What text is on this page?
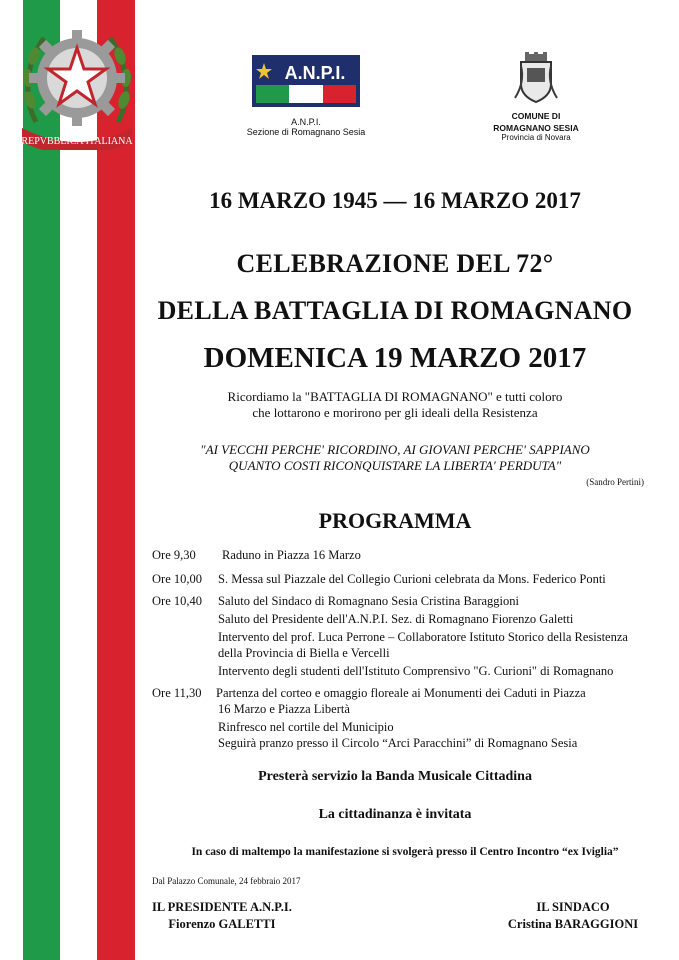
REPVBBLICA ITALIANA
A.N.P.I.
A.N.P.I.
Sezione di Romagnano Sesia
COMUNE DI
ROMAGNANO SESIA
Provincia di Novara
16 MARZO 1945 — 16 MARZO 2017
CELEBRAZIONE DEL 72°
DELLA BATTAGLIA DI ROMAGNANO
DOMENICA 19 MARZO 2017
Ricordiamo la "BATTAGLIA DI ROMAGNANO" e tutti coloro
che lottarono e morirono per gli ideali della Resistenza
"AI VECCHI PERCHE' RICORDINO, AI GIOVANI PERCHE' SAPPIANO
QUANTO COSTI RICONQUISTARE LA LIBERTA' PERDUTA"
(Sandro Pertini)
PROGRAMMA
Ore 9,30 Raduno in Piazza 16 Marzo
Ore 10,00 S. Messa sul Piazzale del Collegio Curioni celebrata da Mons. Federico Ponti
Ore 10,40 Saluto del Sindaco di Romagnano Sesia Cristina Baraggioni
Saluto del Presidente dell'A.N.P.I. Sez. di Romagnano Fiorenzo Galetti
Intervento del prof. Luca Perrone – Collaboratore Istituto Storico della Resistenza
della Provincia di Biella e Vercelli
Intervento degli studenti dell'Istituto Comprensivo "G. Curioni" di Romagnano
Ore 11,30 Partenza del corteo e omaggio floreale ai Monumenti dei Caduti in Piazza
16 Marzo e Piazza Libertà
Rinfresco nel cortile del Municipio
Seguirà pranzo presso il Circolo “Arci Paracchini” di Romagnano Sesia
Presterà servizio la Banda Musicale Cittadina
La cittadinanza è invitata
In caso di maltempo la manifestazione si svolgerà presso il Centro Incontro “ex Iviglia”
Dal Palazzo Comunale, 24 febbraio 2017
IL PRESIDENTE A.N.P.I.
Fiorenzo GALETTI
IL SINDACO
Cristina BARAGGIONI
